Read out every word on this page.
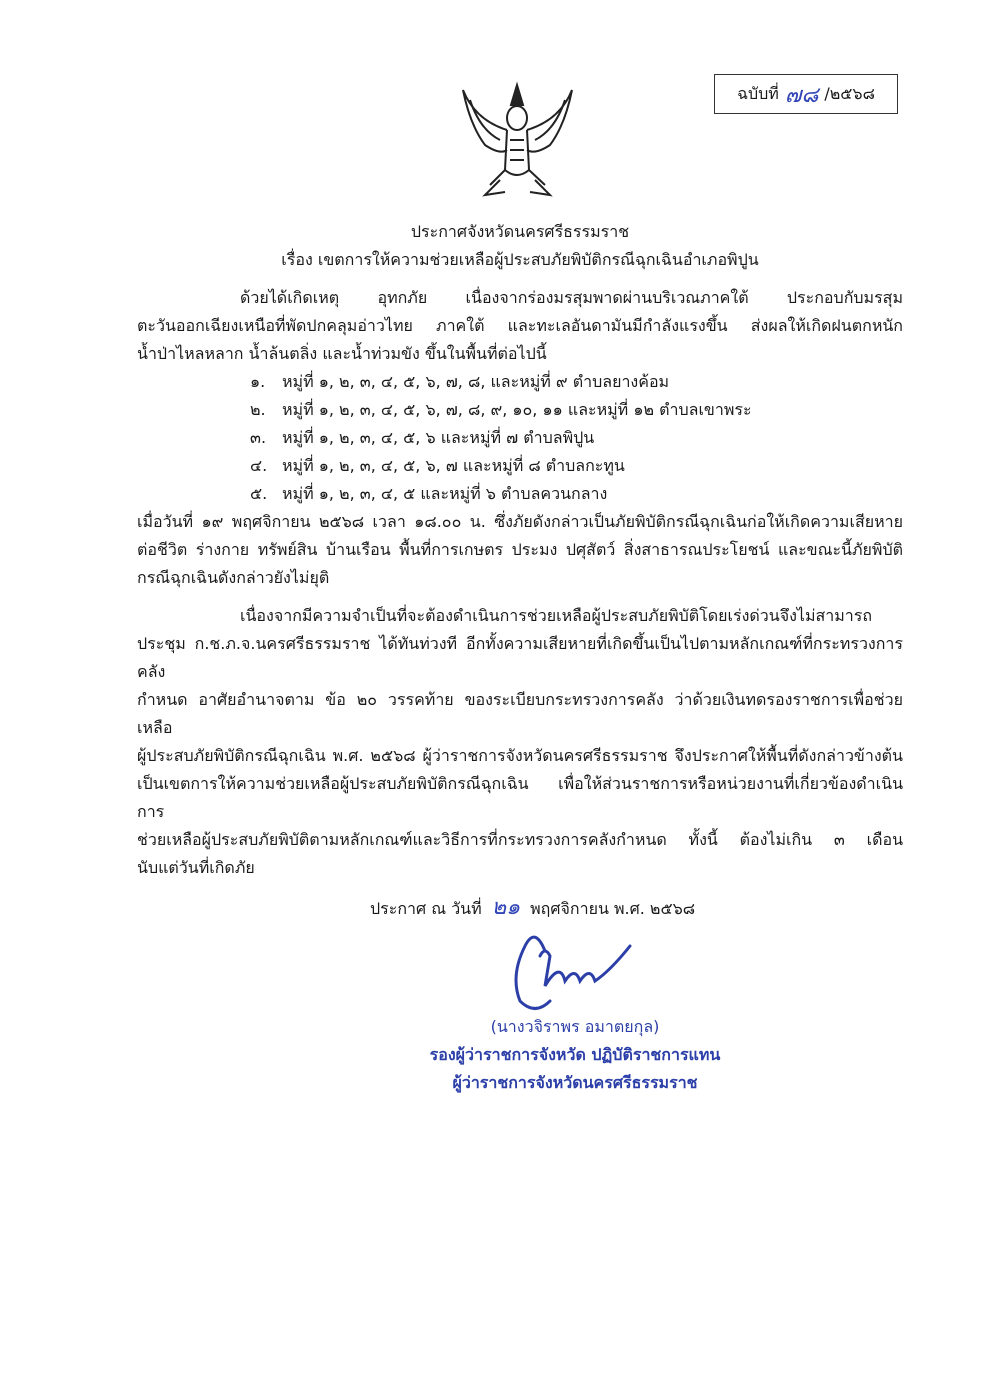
ฉบับที่ ๗๘ /๒๕๖๘
ประกาศจังหวัดนครศรีธรรมราช
เรื่อง เขตการให้ความช่วยเหลือผู้ประสบภัยพิบัติกรณีฉุกเฉินอำเภอพิปูน
ด้วยได้เกิดเหตุ อุทกภัย เนื่องจากร่องมรสุมพาดผ่านบริเวณภาคใต้ ประกอบกับมรสุม
ตะวันออกเฉียงเหนือที่พัดปกคลุมอ่าวไทย ภาคใต้ และทะเลอันดามันมีกำลังแรงขึ้น ส่งผลให้เกิดฝนตกหนัก
น้ำป่าไหลหลาก น้ำล้นตลิ่ง และน้ำท่วมขัง ขึ้นในพื้นที่ต่อไปนี้
๑.	หมู่ที่ ๑, ๒, ๓, ๔, ๕, ๖, ๗, ๘, และหมู่ที่ ๙ ตำบลยางค้อม
๒.	หมู่ที่ ๑, ๒, ๓, ๔, ๕, ๖, ๗, ๘, ๙, ๑๐, ๑๑ และหมู่ที่ ๑๒ ตำบลเขาพระ
๓. หมู่ที่ ๑, ๒, ๓, ๔, ๕, ๖ และหมู่ที่ ๗ ตำบลพิปูน
๔. หมู่ที่ ๑, ๒, ๓, ๔, ๕, ๖, ๗ และหมู่ที่ ๘ ตำบลกะทูน
๕. หมู่ที่ ๑, ๒, ๓, ๔, ๕ และหมู่ที่ ๖ ตำบลควนกลาง
เมื่อวันที่ ๑๙ พฤศจิกายน ๒๕๖๘ เวลา ๑๘.๐๐ น. ซึ่งภัยดังกล่าวเป็นภัยพิบัติกรณีฉุกเฉินก่อให้เกิดความเสียหาย
ต่อชีวิต ร่างกาย ทรัพย์สิน บ้านเรือน พื้นที่การเกษตร ประมง ปศุสัตว์ สิ่งสาธารณประโยชน์ และขณะนี้ภัยพิบัติ
กรณีฉุกเฉินดังกล่าวยังไม่ยุติ
เนื่องจากมีความจำเป็นที่จะต้องดำเนินการช่วยเหลือผู้ประสบภัยพิบัติโดยเร่งด่วนจึงไม่สามารถ
ประชุม ก.ช.ภ.จ.นครศรีธรรมราช ได้ทันท่วงที อีกทั้งความเสียหายที่เกิดขึ้นเป็นไปตามหลักเกณฑ์ที่กระทรวงการคลัง
กำหนด อาศัยอำนาจตาม ข้อ ๒๐ วรรคท้าย ของระเบียบกระทรวงการคลัง ว่าด้วยเงินทดรองราชการเพื่อช่วยเหลือ
ผู้ประสบภัยพิบัติกรณีฉุกเฉิน พ.ศ. ๒๕๖๘ ผู้ว่าราชการจังหวัดนครศรีธรรมราช จึงประกาศให้พื้นที่ดังกล่าวข้างต้น
เป็นเขตการให้ความช่วยเหลือผู้ประสบภัยพิบัติกรณีฉุกเฉิน เพื่อให้ส่วนราชการหรือหน่วยงานที่เกี่ยวข้องดำเนินการ
ช่วยเหลือผู้ประสบภัยพิบัติตามหลักเกณฑ์และวิธีการที่กระทรวงการคลังกำหนด ทั้งนี้ ต้องไม่เกิน ๓ เดือน
นับแต่วันที่เกิดภัย
ประกาศ ณ วันที่ ๒๑ พฤศจิกายน พ.ศ. ๒๕๖๘
(นางวจิราพร อมาตยกุล)
รองผู้ว่าราชการจังหวัด ปฏิบัติราชการแทน
ผู้ว่าราชการจังหวัดนครศรีธรรมราช
